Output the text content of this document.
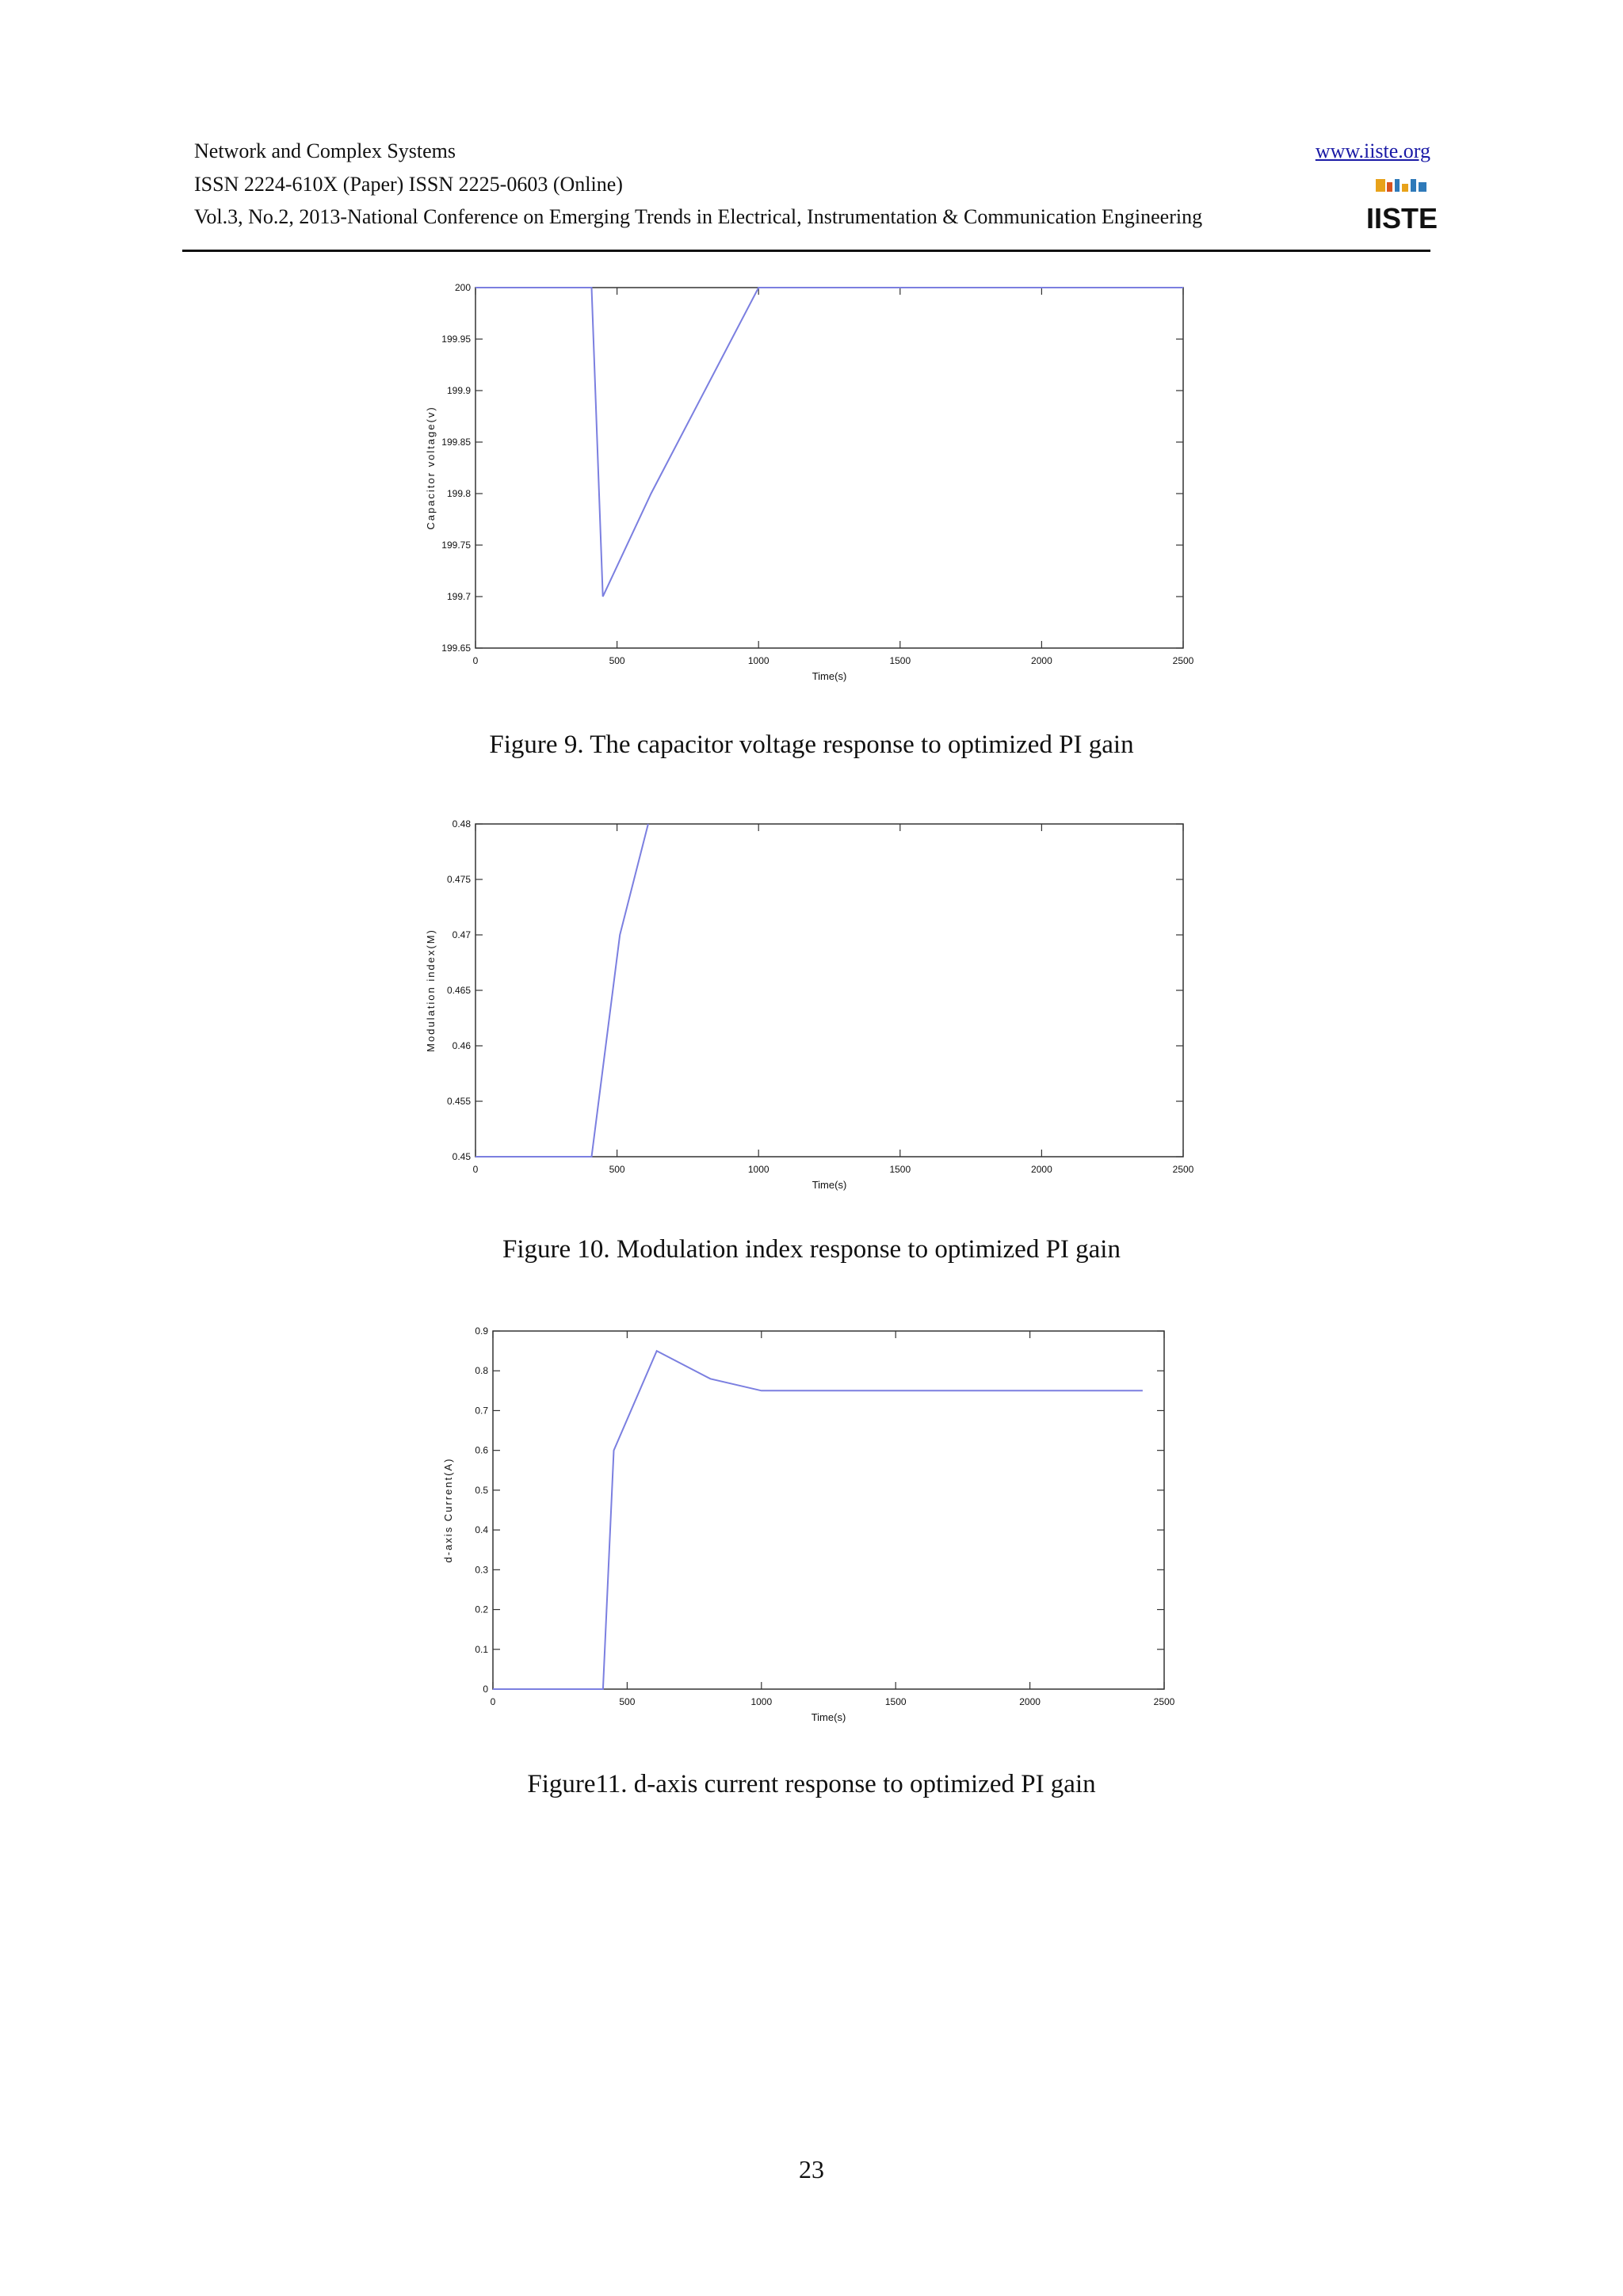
Network and Complex Systems
ISSN 2224-610X (Paper) ISSN 2225-0603 (Online)
Vol.3, No.2, 2013-National Conference on Emerging Trends in Electrical, Instrumentation & Communication Engineering
www.iiste.org
IISTE
0	500	1000	1500	2000	2500
199.65
199.7
199.75
199.8
199.85
199.9
199.95
200
Time(s)
Capacitor voltage(v)
0	500	1000	1500	2000	2500
0.45
0.455
0.46
0.465
0.47
0.475
0.48
Time(s)
Modulation index(M)
0	500	1000	1500	2000	2500
0
0.1
0.2
0.3
0.4
0.5
0.6
0.7
0.8
0.9
Time(s)
d-axis Current(A)
Figure 9. The capacitor voltage response to optimized PI gain
Figure 10. Modulation index response to optimized PI gain
Figure11. d-axis current response to optimized PI gain
23
